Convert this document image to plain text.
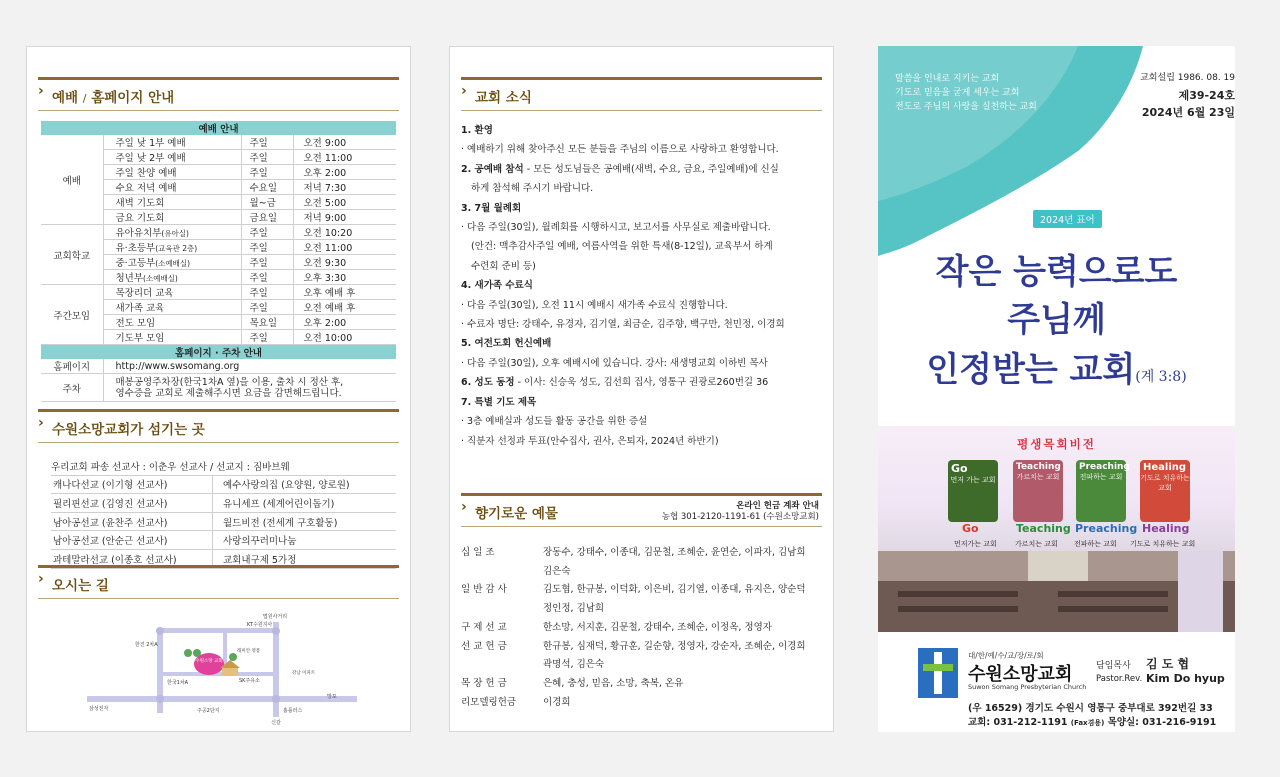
› 예배 / 홈페이지 안내
예배 안내			
예배	주일 낮 1부 예배	주일	오전 9:00
	주일 낮 2부 예배	주일	오전 11:00
	주일 찬양 예배	주일	오후 2:00
	수요 저녁 예배	수요일	저녁 7:30
	새벽 기도회	월~금	오전 5:00
	금요 기도회	금요일	저녁 9:00
교회학교	유아유치부(유아실)	주일	오전 10:20
	유·초등부(교육관 2층)	주일	오전 11:00
	중·고등부(소예배실)	주일	오전 9:30
	청년부(소예배실)	주일	오후 3:30
주간모임	목장리더 교육	주일	오후 예배 후
	새가족 교육	주일	오전 예배 후
	전도 모임	목요일	오후 2:00
	기도부 모임	주일	오전 10:00
홈페이지 · 주차 안내			
홈페이지	http://www.swsomang.org		
주차	매봉공영주차장(한국1차A 옆)을 이용, 출차 시 정산 후,
영수증을 교회로 제출해주시면 요금을 감면해드립니다.		
› 수원소망교회가 섬기는 곳
우리교회 파송 선교사 : 이춘우 선교사 / 선교지 : 짐바브웨
캐나다선교 (이기형 선교사)	예수사랑의집 (요양원, 양로원)
필리핀선교 (김영진 선교사)	유니세프 (세계어린이돕기)
남아공선교 (윤찬주 선교사)	월드비전 (전세계 구호활동)
남아공선교 (안순근 선교사)	사랑의꾸러미나눔
과테말라선교 (이종호 선교사)	교회내구제 5가정
› 오시는 길
수원소망 교회
법원사거리
KT수원지사
한진 2차A
래미안 영통
한국1차A	SK주유소
강남 이파트
삼성전자
신갈
주공2단지	홈플러스
망포
› 교회 소식
1. 환영
· 예배하기 위해 찾아주신 모든 분들을 주님의 이름으로 사랑하고 환영합니다.
2. 공예배 참석 - 모든 성도님들은 공예배(새벽, 수요, 금요, 주일예배)에 신실
하게 참석해 주시기 바랍니다.
3. 7월 월례회
· 다음 주일(30일), 월례회를 시행하시고, 보고서를 사무실로 제출바랍니다.
(안건: 맥추감사주일 예배, 여름사역을 위한 특새(8-12일), 교육부서 하계
수련회 준비 등)
4. 새가족 수료식
· 다음 주일(30일), 오전 11시 예배시 새가족 수료식 진행합니다.
· 수료자 명단: 강태수, 유경자, 김기열, 최금순, 김주향, 백구만, 천민정, 이경희
5. 여전도회 헌신예배
· 다음 주일(30일), 오후 예배시에 있습니다. 강사: 새생명교회 이하빈 목사
6. 성도 동정 - 이사: 신승욱 성도, 김선희 집사, 영통구 권광로260번길 36
7. 특별 기도 제목
· 3층 예배실과 성도들 활동 공간을 위한 증설
· 직분자 선정과 투표(안수집사, 권사, 은퇴자, 2024년 하반기)
› 향기로운 예물	온라인 헌금 계좌 안내
농협 301-2120-1191-61 (수원소망교회)
십 일 조	장동수, 강태수, 이종대, 김문철, 조혜순, 윤연순, 이파자, 김남희
김은숙
일 반 감 사	김도협, 한규봉, 이덕화, 이은비, 김기열, 이종대, 유지은, 양순덕
정인정, 김남희
구 제 선 교	한소망, 서지훈, 김문철, 강태수, 조혜순, 이정옥, 정영자
선 교 헌 금	한규봉, 심재덕, 황규훈, 길순향, 정영자, 강순자, 조혜순, 이경희
곽명석, 김은숙
목 장 헌 금	은혜, 충성, 믿음, 소망, 축복, 온유
리모델링헌금	이경희
말씀을 인내로 지키는 교회
기도로 믿음을 굳게 세우는 교회
전도로 주님의 사랑을 실천하는 교회
교회설립 1986. 08. 19
제39-24호
2024년 6월 23일
2024년 표어
작은 능력으로도
주님께
인정받는 교회(계 3:8)
평생목회비전
Go
먼저 가는 교회
Teaching
가르치는 교회
Preaching
전파하는 교회
Healing
기도로 치유하는 교회
Go	Teaching Preaching Healing
먼저가는 교회	가르치는 교회 전파하는 교회 기도로 치유하는 교회
대/한/예/수/교/장/로/회
수원소망교회
Suwon Somang Presbyterian Church
담임목사 김 도 협
Pastor.Rev. Kim Do hyup
(우 16529) 경기도 수원시 영통구 중부대로 392번길 33
교회: 031-212-1191 (Fax겸용) 목양실: 031-216-9191
